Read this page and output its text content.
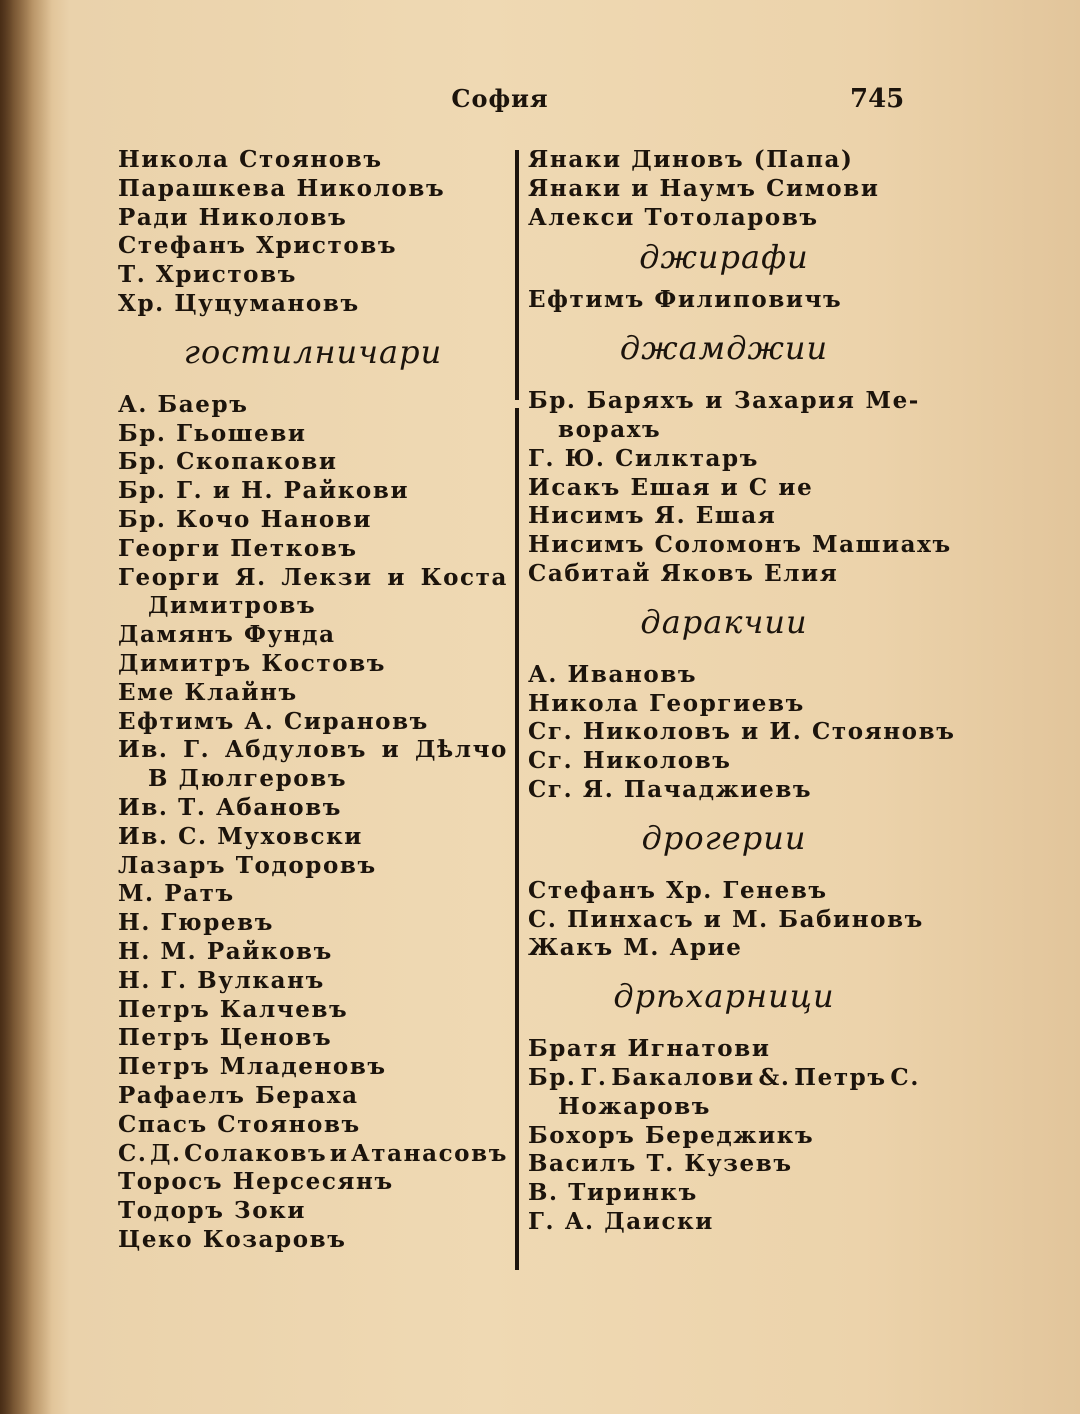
София	745
Никола Стояновъ
Парашкева Николовъ
Ради Николовъ
Стефанъ Христовъ
Т. Христовъ
Хр. Цуцумановъ
гостилничари
А. Баеръ
Бр. Гьошеви
Бр. Скопакови
Бр. Г. и Н. Райкови
Бр. Кочо Нанови
Георги Петковъ
Георги Я. Лекзи и Коста
Димитровъ
Дамянъ Фунда
Димитръ Костовъ
Еме Клайнъ
Ефтимъ А. Сирановъ
Ив. Г. Абдуловъ и Дѣлчо
В Дюлгеровъ
Ив. Т. Абановъ
Ив. С. Муховски
Лазаръ Тодоровъ
М. Ратъ
Н. Гюревъ
Н. М. Райковъ
Н. Г. Вулканъ
Петръ Калчевъ
Петръ Ценовъ
Петръ Младеновъ
Рафаелъ Бераха
Спасъ Стояновъ
С. Д. Солаковъ и Атанасовъ
Торосъ Нерсесянъ
Тодоръ Зоки
Цеко Козаровъ
Янаки Диновъ (Папа)
Янаки и Наумъ Симови
Алекси Тотоларовъ
джирафи
Ефтимъ Филиповичъ
джамджии
Бр. Баряхъ и Захария Ме-
ворахъ
Г. Ю. Силктаръ
Исакъ Ешая и С ие
Нисимъ Я. Ешая
Нисимъ Соломонъ Машиахъ
Сабитай Яковъ Елия
даракчии
А. Ивановъ
Никола Георгиевъ
Сг. Николовъ и И. Стояновъ
Сг. Николовъ
Сг. Я. Пачаджиевъ
дрогерии
Стефанъ Хр. Геневъ
С. Пинхасъ и М. Бабиновъ
Жакъ М. Арие
дрѣхарници
Братя Игнатови
Бр. Г. Бакалови &. Петръ С.
Ножаровъ
Бохоръ Береджикъ
Василъ Т. Кузевъ
В. Тиринкъ
Г. А. Даиски
